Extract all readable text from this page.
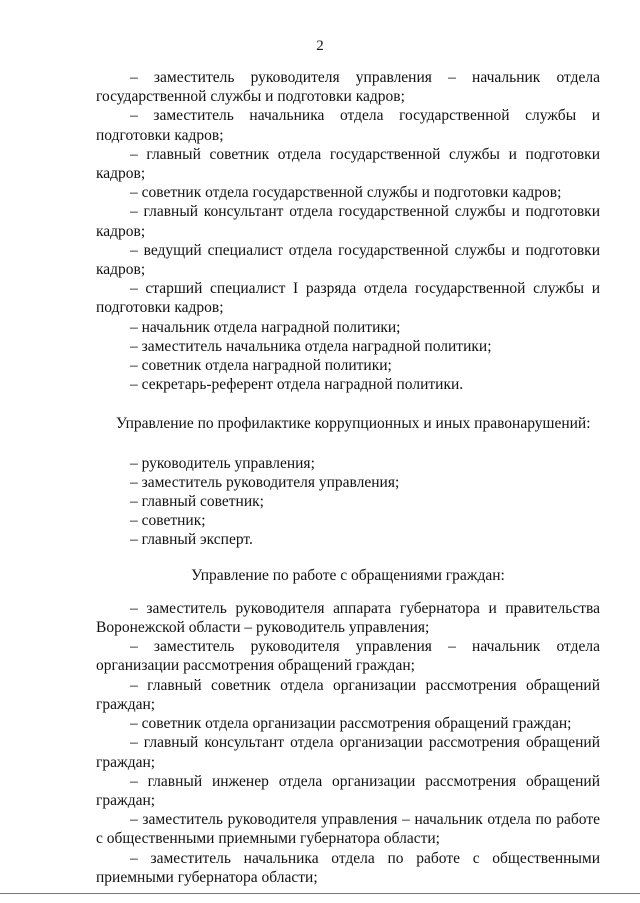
2

– заместитель руководителя управления – начальник отдела государственной службы и подготовки кадров;

– заместитель начальника отдела государственной службы и подготовки кадров;

– главный советник отдела государственной службы и подготовки кадров;

– советник отдела государственной службы и подготовки кадров;

– главный консультант отдела государственной службы и подготовки кадров;

– ведущий специалист отдела государственной службы и подготовки кадров;

– старший специалист I разряда отдела государственной службы и подготовки кадров;

– начальник отдела наградной политики;

– заместитель начальника отдела наградной политики;

– советник отдела наградной политики;

– секретарь-референт отдела наградной политики.

Управление по профилактике коррупционных и иных правонарушений:

– руководитель управления;

– заместитель руководителя управления;

– главный советник;

– советник;

– главный эксперт.

Управление по работе с обращениями граждан:

– заместитель руководителя аппарата губернатора и правительства Воронежской области – руководитель управления;

– заместитель руководителя управления – начальник отдела организации рассмотрения обращений граждан;

– главный советник отдела организации рассмотрения обращений граждан;

– советник отдела организации рассмотрения обращений граждан;

– главный консультант отдела организации рассмотрения обращений граждан;

– главный инженер отдела организации рассмотрения обращений граждан;

– заместитель руководителя управления – начальник отдела по работе с общественными приемными губернатора области;

– заместитель начальника отдела по работе с общественными приемными губернатора области;
